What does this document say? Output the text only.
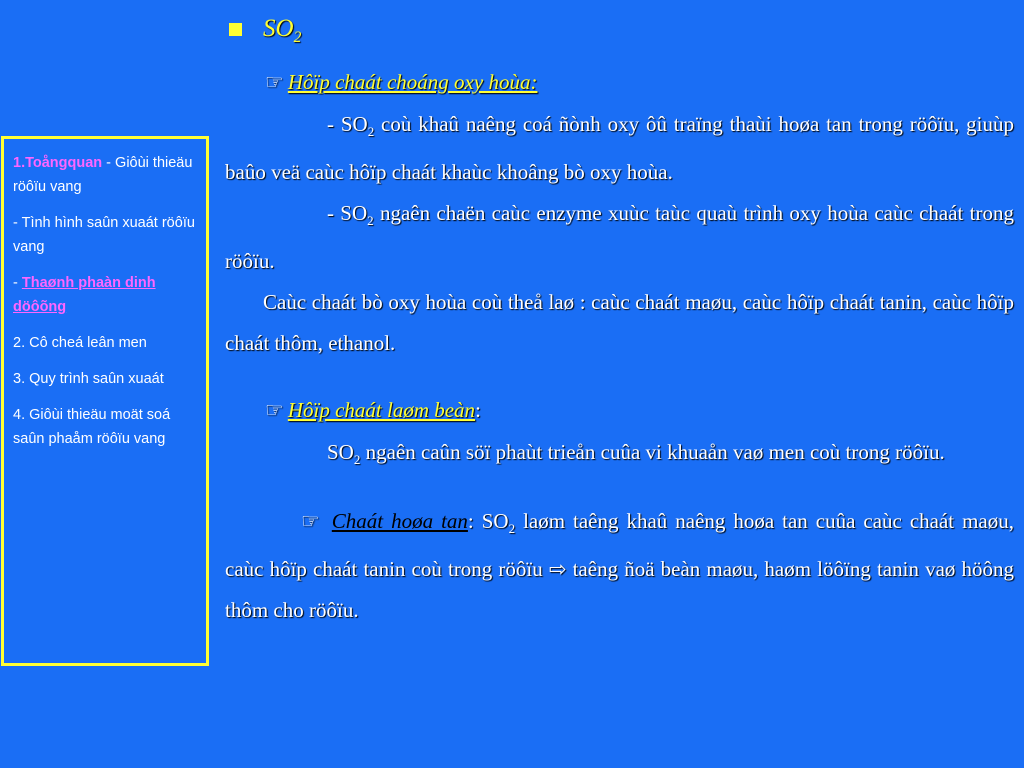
1.Toångquan - Giôùi thieäu röôïu vang

- Tình hình saûn xuaát röôïu vang

- Thaønh phaàn dinh döôõng

2. Cô cheá leân men

3. Quy trình saûn xuaát

4. Giôùi thieäu moät soá saûn phaåm röôïu vang

$SO_2$
☞ Hôïp chaát choáng oxy hoùa:

- $SO_2$ coù khaû naêng coá ñònh oxy ôû traïng thaùi hoøa tan trong röôïu, giuùp baûo veä caùc hôïp chaát khaùc khoâng bò oxy hoùa.

- $SO_2$ ngaên chaën caùc enzyme xuùc taùc quaù trình oxy hoùa caùc chaát trong röôïu.

Caùc chaát bò oxy hoùa coù theå laø : caùc chaát maøu, caùc hôïp chaát tanin, caùc hôïp chaát thôm, ethanol.

☞ Hôïp chaát laøm beàn:

$SO_2$ ngaên caûn söï phaùt trieån cuûa vi khuaån vaø men coù trong röôïu.

☞ Chaát hoøa tan: $SO_2$ laøm taêng khaû naêng hoøa tan cuûa caùc chaát maøu, caùc hôïp chaát tanin coù trong röôïu ⇨ taêng ñoä beàn maøu, haøm löôïng tanin vaø höông thôm cho röôïu.
